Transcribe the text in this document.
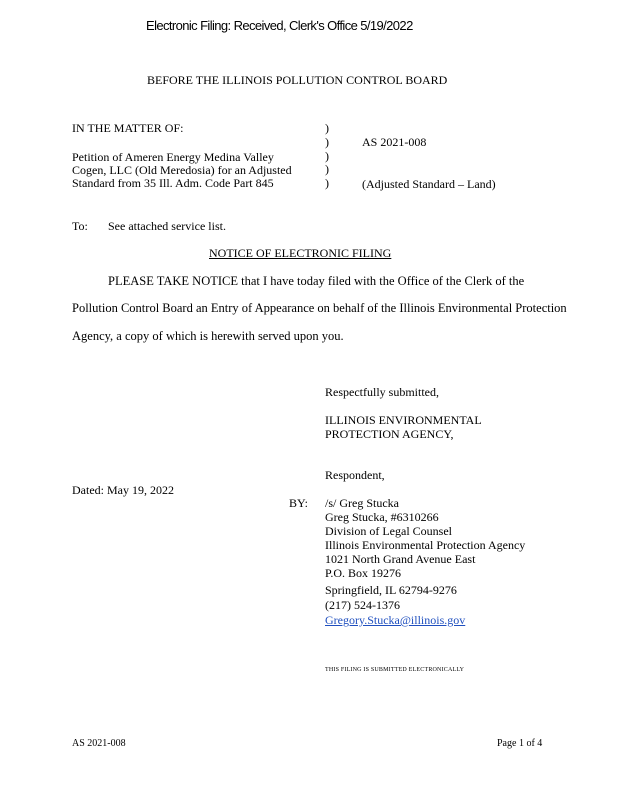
Electronic Filing: Received, Clerk's Office 5/19/2022
BEFORE THE ILLINOIS POLLUTION CONTROL BOARD
IN THE MATTER OF:
Petition of Ameren Energy Medina Valley
Cogen, LLC (Old Meredosia) for an Adjusted
Standard from 35 Ill. Adm. Code Part 845
)
)
)
)
)
AS 2021-008
(Adjusted Standard – Land)
To: See attached service list.
NOTICE OF ELECTRONIC FILING
PLEASE TAKE NOTICE that I have today filed with the Office of the Clerk of the
Pollution Control Board an Entry of Appearance on behalf of the Illinois Environmental Protection
Agency, a copy of which is herewith served upon you.
Respectfully submitted,
ILLINOIS ENVIRONMENTAL
PROTECTION AGENCY,
Respondent,
Dated: May 19, 2022
BY: /s/ Greg Stucka
Greg Stucka, #6310266
Division of Legal Counsel
Illinois Environmental Protection Agency
1021 North Grand Avenue East
P.O. Box 19276
Springfield, IL 62794-9276
(217) 524-1376
Gregory.Stucka@illinois.gov
THIS FILING IS SUBMITTED ELECTRONICALLY
AS 2021-008	Page 1 of 4
